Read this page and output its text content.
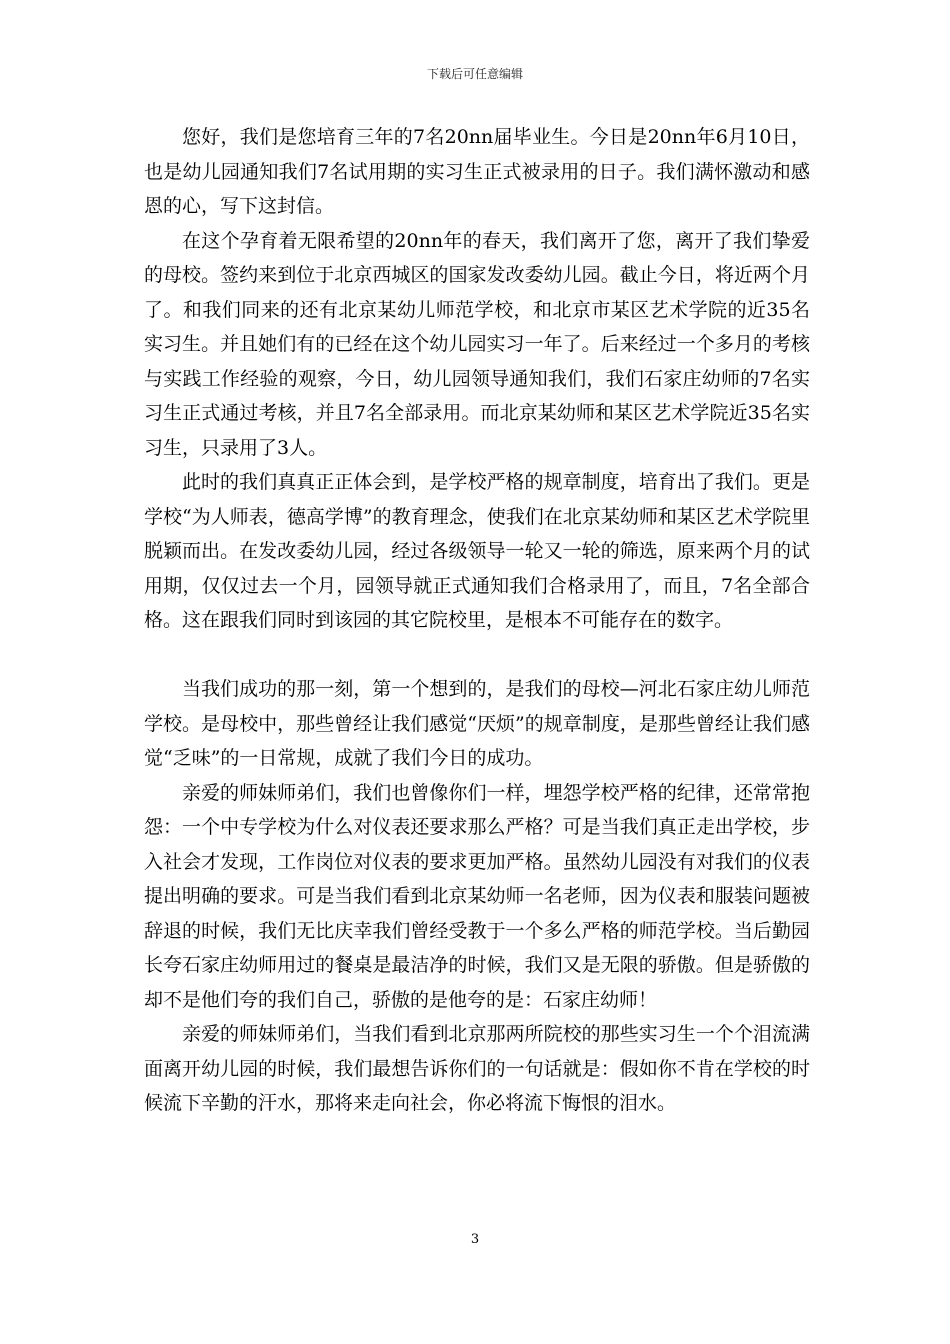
下载后可任意编辑

您好，我们是您培育三年的7名20nn届毕业生。今日是20nn年6月10日，也是幼儿园通知我们7名试用期的实习生正式被录用的日子。我们满怀激动和感恩的心，写下这封信。

在这个孕育着无限希望的20nn年的春天，我们离开了您，离开了我们挚爱的母校。签约来到位于北京西城区的国家发改委幼儿园。截止今日，将近两个月了。和我们同来的还有北京某幼儿师范学校，和北京市某区艺术学院的近35名实习生。并且她们有的已经在这个幼儿园实习一年了。后来经过一个多月的考核与实践工作经验的观察，今日，幼儿园领导通知我们，我们石家庄幼师的7名实习生正式通过考核，并且7名全部录用。而北京某幼师和某区艺术学院近35名实习生，只录用了3人。

此时的我们真真正正体会到，是学校严格的规章制度，培育出了我们。更是学校“为人师表，德高学博”的教育理念，使我们在北京某幼师和某区艺术学院里脱颖而出。在发改委幼儿园，经过各级领导一轮又一轮的筛选，原来两个月的试用期，仅仅过去一个月，园领导就正式通知我们合格录用了，而且，7名全部合格。这在跟我们同时到该园的其它院校里，是根本不可能存在的数字。

当我们成功的那一刻，第一个想到的，是我们的母校—河北石家庄幼儿师范学校。是母校中，那些曾经让我们感觉“厌烦”的规章制度，是那些曾经让我们感觉“乏味”的一日常规，成就了我们今日的成功。

亲爱的师妹师弟们，我们也曾像你们一样，埋怨学校严格的纪律，还常常抱怨：一个中专学校为什么对仪表还要求那么严格？可是当我们真正走出学校，步入社会才发现，工作岗位对仪表的要求更加严格。虽然幼儿园没有对我们的仪表提出明确的要求。可是当我们看到北京某幼师一名老师，因为仪表和服装问题被辞退的时候，我们无比庆幸我们曾经受教于一个多么严格的师范学校。当后勤园长夸石家庄幼师用过的餐桌是最洁净的时候，我们又是无限的骄傲。但是骄傲的却不是他们夸的我们自己，骄傲的是他夸的是：石家庄幼师！

亲爱的师妹师弟们，当我们看到北京那两所院校的那些实习生一个个泪流满面离开幼儿园的时候，我们最想告诉你们的一句话就是：假如你不肯在学校的时候流下辛勤的汗水，那将来走向社会，你必将流下悔恨的泪水。

3
